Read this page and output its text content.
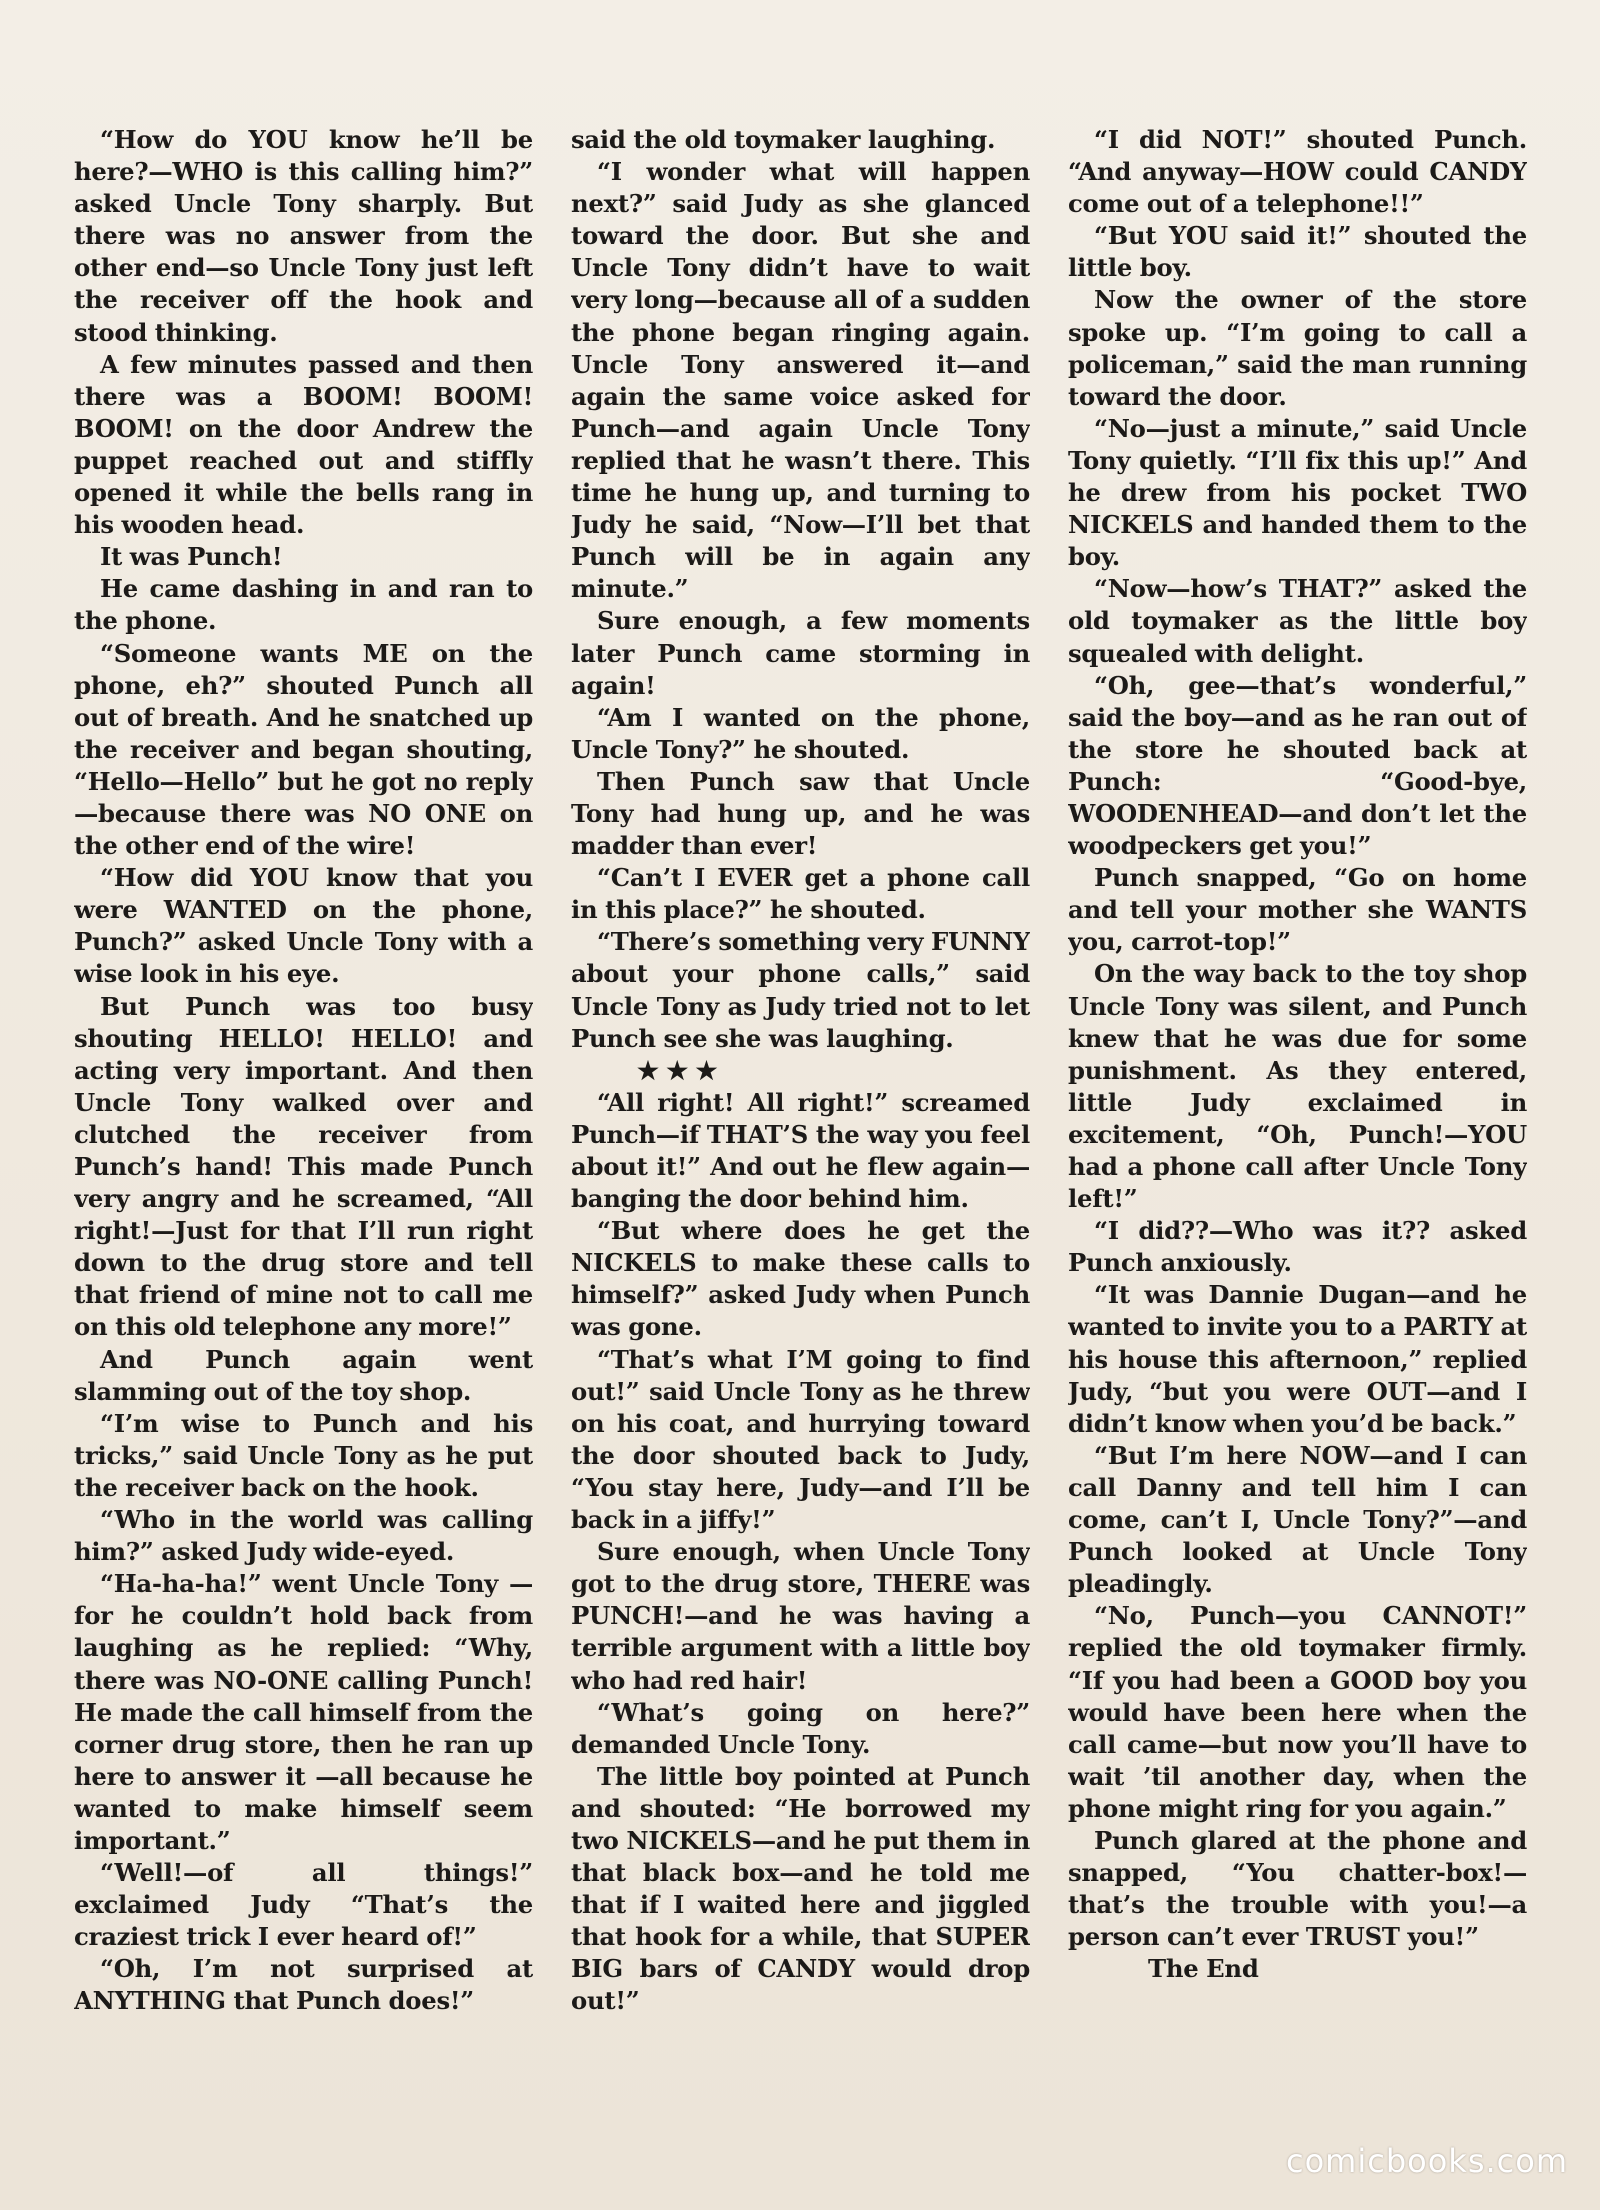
“How do YOU know he’ll be here?—WHO is this calling him?” asked Uncle Tony sharply. But there was no answer from the other end—so Uncle Tony just left the receiver off the hook and stood thinking.

A few minutes passed and then there was a BOOM! BOOM! BOOM! on the door Andrew the puppet reached out and stiffly opened it while the bells rang in his wooden head.

It was Punch!

He came dashing in and ran to the phone.

“Someone wants ME on the phone, eh?” shouted Punch all out of breath. And he snatched up the receiver and began shouting, “Hello—Hello” but he got no reply—because there was NO ONE on the other end of the wire!

“How did YOU know that you were WANTED on the phone, Punch?” asked Uncle Tony with a wise look in his eye.

But Punch was too busy shouting HELLO! HELLO! and acting very important. And then Uncle Tony walked over and clutched the receiver from Punch’s hand! This made Punch very angry and he screamed, “All right!—Just for that I’ll run right down to the drug store and tell that friend of mine not to call me on this old telephone any more!”

And Punch again went slamming out of the toy shop.

“I’m wise to Punch and his tricks,” said Uncle Tony as he put the receiver back on the hook.

“Who in the world was calling him?” asked Judy wide-eyed.

“Ha-ha-ha!” went Uncle Tony —for he couldn’t hold back from laughing as he replied: “Why, there was NO-ONE calling Punch! He made the call himself from the corner drug store, then he ran up here to answer it —all because he wanted to make himself seem important.”

“Well!—of all things!” exclaimed Judy “That’s the craziest trick I ever heard of!”

“Oh, I’m not surprised at ANYTHING that Punch does!”

said the old toymaker laughing.

“I wonder what will happen next?” said Judy as she glanced toward the door. But she and Uncle Tony didn’t have to wait very long—because all of a sudden the phone began ringing again. Uncle Tony answered it—and again the same voice asked for Punch—and again Uncle Tony replied that he wasn’t there. This time he hung up, and turning to Judy he said, “Now—I’ll bet that Punch will be in again any minute.”

Sure enough, a few moments later Punch came storming in again!

“Am I wanted on the phone, Uncle Tony?” he shouted.

Then Punch saw that Uncle Tony had hung up, and he was madder than ever!

“Can’t I EVER get a phone call in this place?” he shouted.

“There’s something very FUNNY about your phone calls,” said Uncle Tony as Judy tried not to let Punch see she was laughing.

★ ★ ★

“All right! All right!” screamed Punch—if THAT’S the way you feel about it!” And out he flew again—banging the door behind him.

“But where does he get the NICKELS to make these calls to himself?” asked Judy when Punch was gone.

“That’s what I’M going to find out!” said Uncle Tony as he threw on his coat, and hurrying toward the door shouted back to Judy, “You stay here, Judy—and I’ll be back in a jiffy!”

Sure enough, when Uncle Tony got to the drug store, THERE was PUNCH!—and he was having a terrible argument with a little boy who had red hair!

“What’s going on here?” demanded Uncle Tony.

The little boy pointed at Punch and shouted: “He borrowed my two NICKELS—and he put them in that black box—and he told me that if I waited here and jiggled that hook for a while, that SUPER BIG bars of CANDY would drop out!”

“I did NOT!” shouted Punch. “And anyway—HOW could CANDY come out of a telephone!!”

“But YOU said it!” shouted the little boy.

Now the owner of the store spoke up. “I’m going to call a policeman,” said the man running toward the door.

“No—just a minute,” said Uncle Tony quietly. “I’ll fix this up!” And he drew from his pocket TWO NICKELS and handed them to the boy.

“Now—how’s THAT?” asked the old toymaker as the little boy squealed with delight.

“Oh, gee—that’s wonderful,” said the boy—and as he ran out of the store he shouted back at Punch: “Good-bye, WOODENHEAD—and don’t let the woodpeckers get you!”

Punch snapped, “Go on home and tell your mother she WANTS you, carrot-top!”

On the way back to the toy shop Uncle Tony was silent, and Punch knew that he was due for some punishment. As they entered, little Judy exclaimed in excitement, “Oh, Punch!—YOU had a phone call after Uncle Tony left!”

“I did??—Who was it?? asked Punch anxiously.

“It was Dannie Dugan—and he wanted to invite you to a PARTY at his house this afternoon,” replied Judy, “but you were OUT—and I didn’t know when you’d be back.”

“But I’m here NOW—and I can call Danny and tell him I can come, can’t I, Uncle Tony?”—and Punch looked at Uncle Tony pleadingly.

“No, Punch—you CANNOT!” replied the old toymaker firmly. “If you had been a GOOD boy you would have been here when the call came—but now you’ll have to wait ’til another day, when the phone might ring for you again.”

Punch glared at the phone and snapped, “You chatter-box!—that’s the trouble with you!—a person can’t ever TRUST you!”

The End

comicbooks.com
